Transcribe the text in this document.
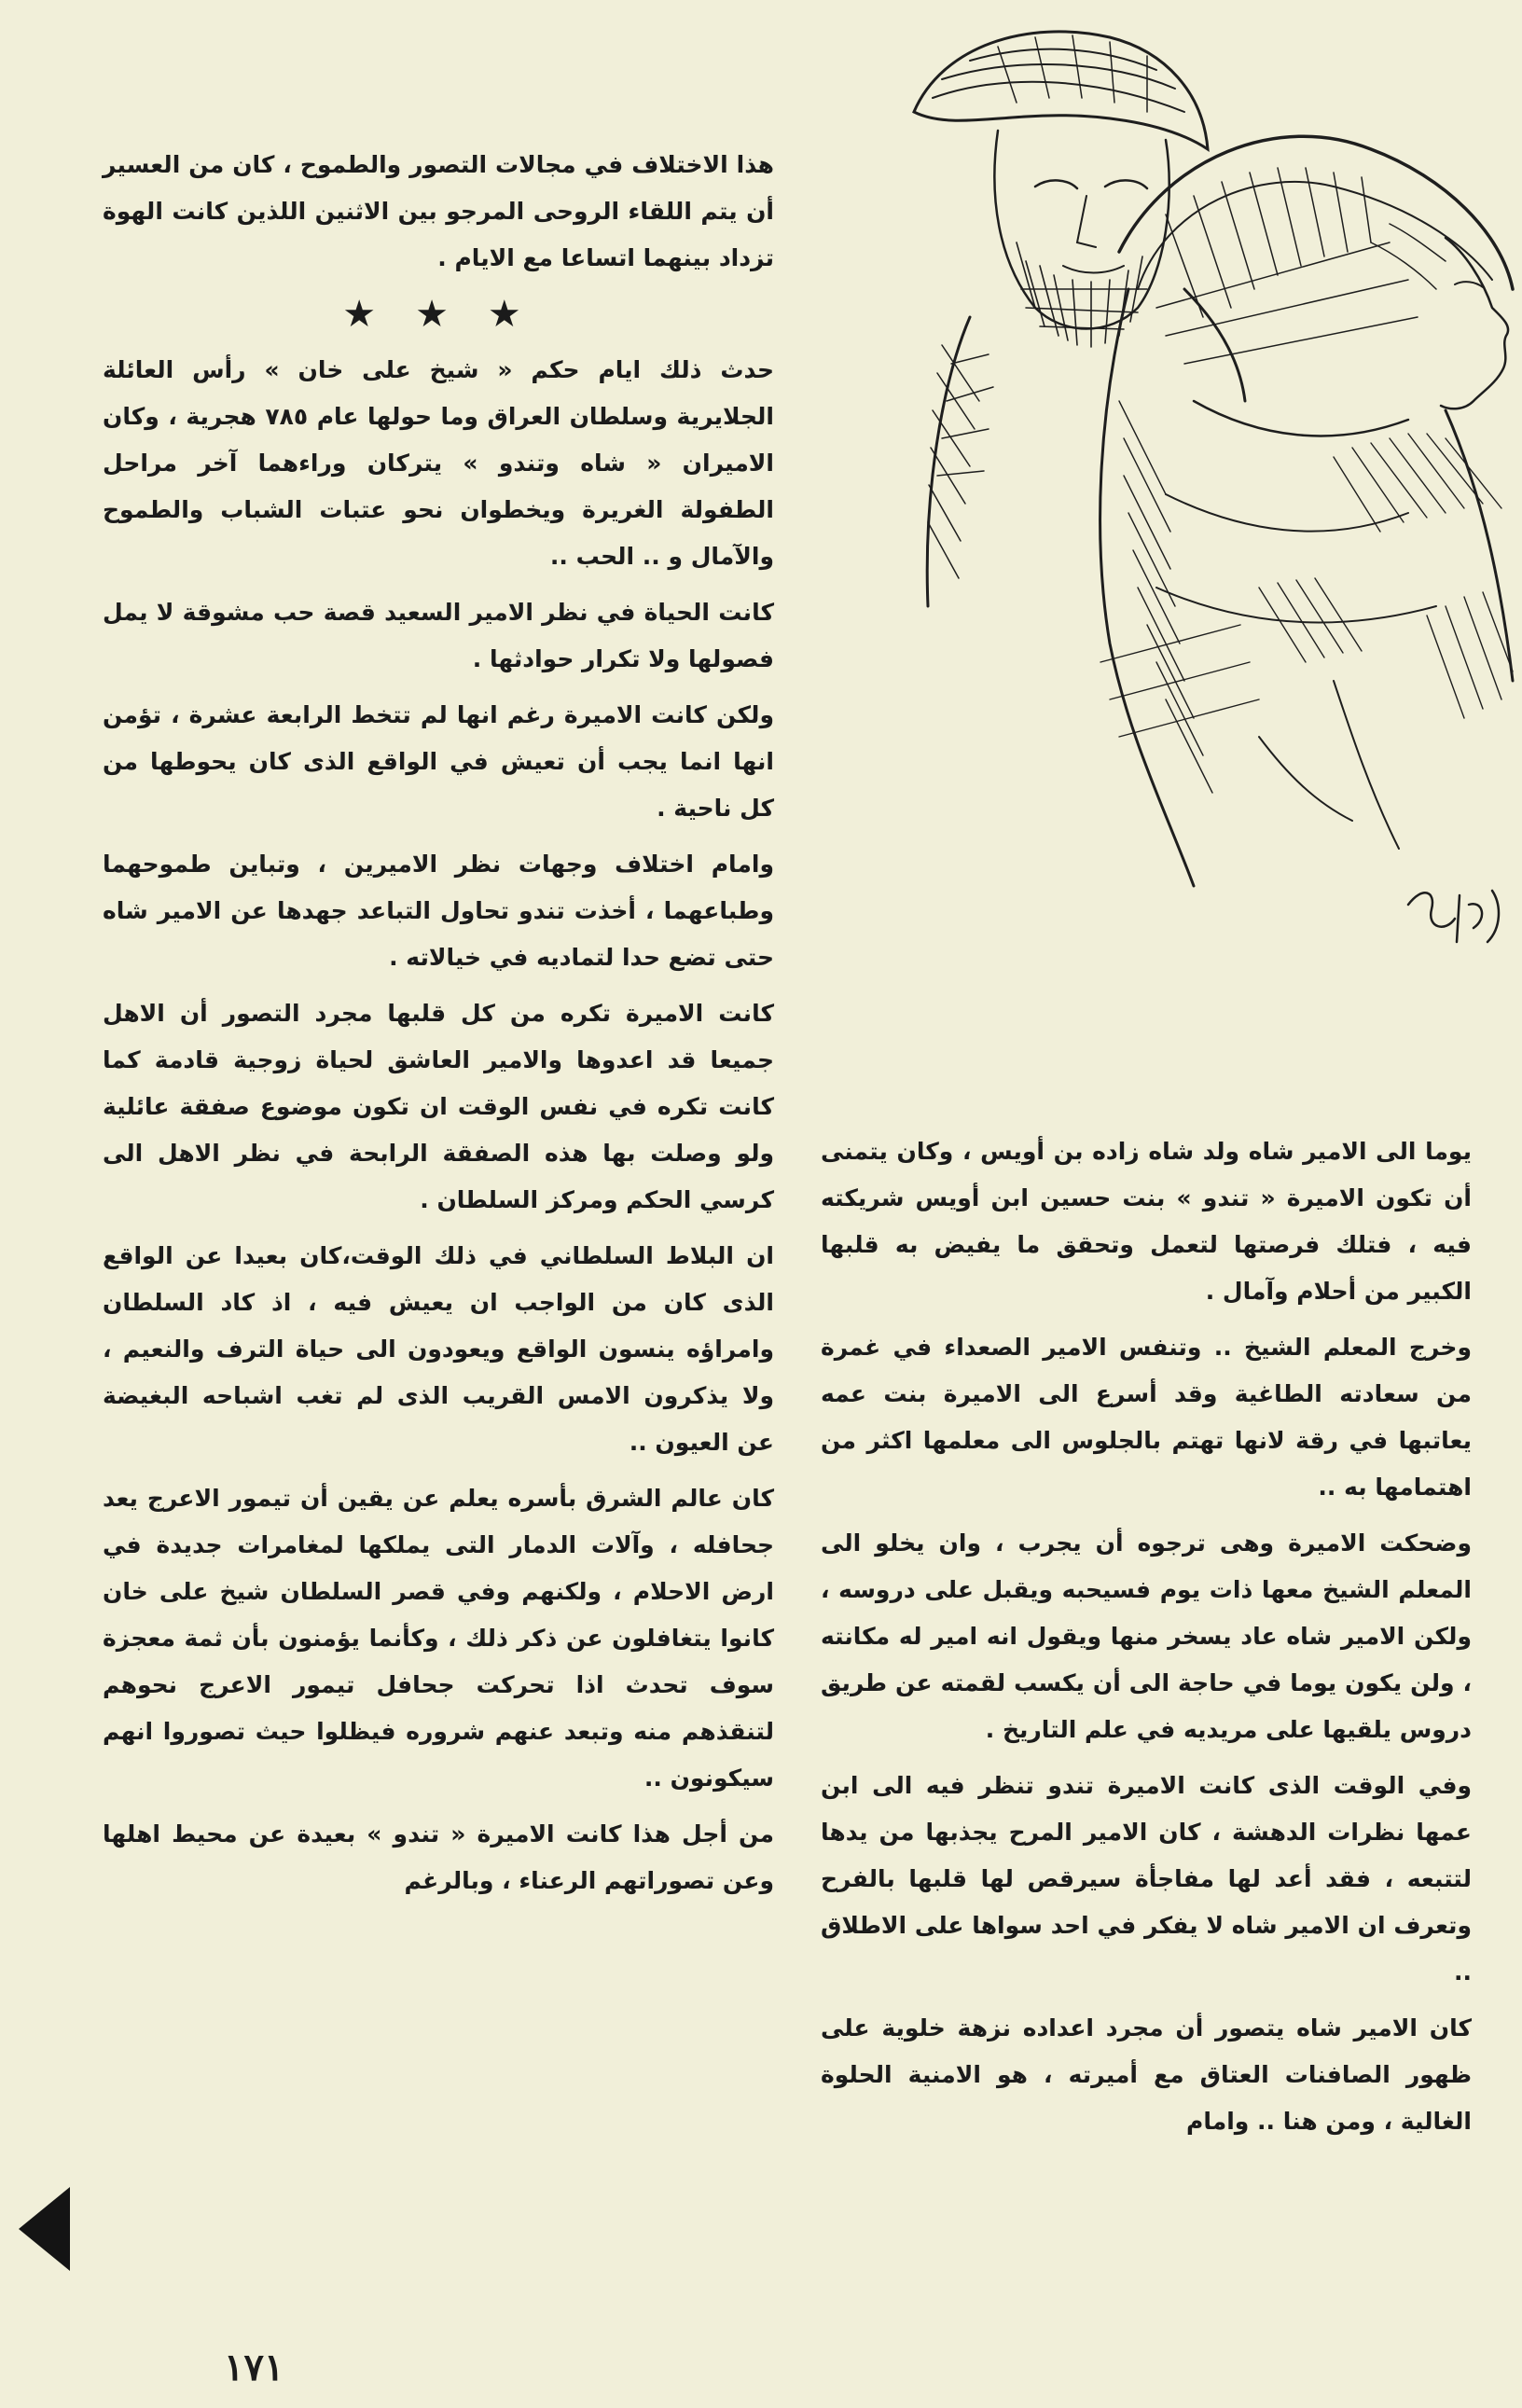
هذا الاختلاف في مجالات التصور والطموح ، كان من العسير أن يتم اللقاء الروحى المرجو بين الاثنين اللذين كانت الهوة تزداد بينهما اتساعا مع الايام .

★ ★ ★

حدث ذلك ايام حكم « شيخ على خان » رأس العائلة الجلايرية وسلطان العراق وما حولها عام ٧٨٥ هجرية ، وكان الاميران « شاه وتندو » يتركان وراءهما آخر مراحل الطفولة الغريرة ويخطوان نحو عتبات الشباب والطموح والآمال و .. الحب ..

كانت الحياة في نظر الامير السعيد قصة حب مشوقة لا يمل فصولها ولا تكرار حوادثها .

ولكن كانت الاميرة رغم انها لم تتخط الرابعة عشرة ، تؤمن انها انما يجب أن تعيش في الواقع الذى كان يحوطها من كل ناحية .

وامام اختلاف وجهات نظر الاميرين ، وتباين طموحهما وطباعهما ، أخذت تندو تحاول التباعد جهدها عن الامير شاه حتى تضع حدا لتماديه في خيالاته .

كانت الاميرة تكره من كل قلبها مجرد التصور أن الاهل جميعا قد اعدوها والامير العاشق لحياة زوجية قادمة كما كانت تكره في نفس الوقت ان تكون موضوع صفقة عائلية ولو وصلت بها هذه الصفقة الرابحة في نظر الاهل الى كرسي الحكم ومركز السلطان .

ان البلاط السلطاني في ذلك الوقت،كان بعيدا عن الواقع الذى كان من الواجب ان يعيش فيه ، اذ كاد السلطان وامراؤه ينسون الواقع ويعودون الى حياة الترف والنعيم ، ولا يذكرون الامس القريب الذى لم تغب اشباحه البغيضة عن العيون ..

كان عالم الشرق بأسره يعلم عن يقين أن تيمور الاعرج يعد جحافله ، وآلات الدمار التى يملكها لمغامرات جديدة في ارض الاحلام ، ولكنهم وفي قصر السلطان شيخ على خان كانوا يتغافلون عن ذكر ذلك ، وكأنما يؤمنون بأن ثمة معجزة سوف تحدث اذا تحركت جحافل تيمور الاعرج نحوهم لتنقذهم منه وتبعد عنهم شروره فيظلوا حيث تصوروا انهم سيكونون ..

من أجل هذا كانت الاميرة « تندو » بعيدة عن محيط اهلها وعن تصوراتهم الرعناء ، وبالرغم

يوما الى الامير شاه ولد شاه زاده بن أويس ، وكان يتمنى أن تكون الاميرة « تندو » بنت حسين ابن أويس شريكته فيه ، فتلك فرصتها لتعمل وتحقق ما يفيض به قلبها الكبير من أحلام وآمال .

وخرج المعلم الشيخ .. وتنفس الامير الصعداء في غمرة من سعادته الطاغية وقد أسرع الى الاميرة بنت عمه يعاتبها في رقة لانها تهتم بالجلوس الى معلمها اكثر من اهتمامها به ..

وضحكت الاميرة وهى ترجوه أن يجرب ، وان يخلو الى المعلم الشيخ معها ذات يوم فسيحبه ويقبل على دروسه ، ولكن الامير شاه عاد يسخر منها ويقول انه امير له مكانته ، ولن يكون يوما في حاجة الى أن يكسب لقمته عن طريق دروس يلقيها على مريديه في علم التاريخ .

وفي الوقت الذى كانت الاميرة تندو تنظر فيه الى ابن عمها نظرات الدهشة ، كان الامير المرح يجذبها من يدها لتتبعه ، فقد أعد لها مفاجأة سيرقص لها قلبها بالفرح وتعرف ان الامير شاه لا يفكر في احد سواها على الاطلاق ..

كان الامير شاه يتصور أن مجرد اعداده نزهة خلوية على ظهور الصافنات العتاق مع أميرته ، هو الامنية الحلوة الغالية ، ومن هنا .. وامام

١٧١
